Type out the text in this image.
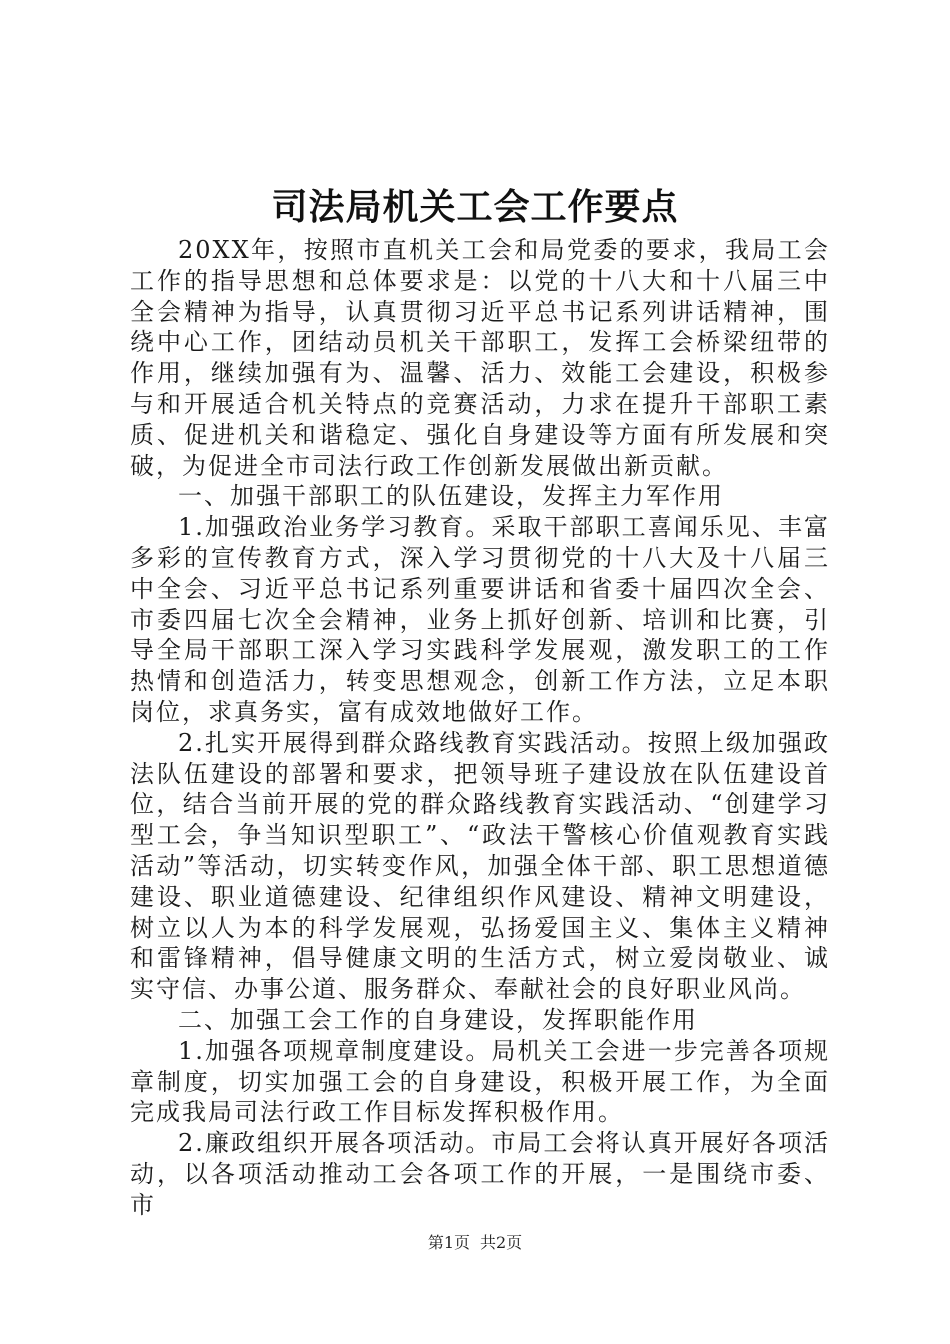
司法局机关工会工作要点

20XX年，按照市直机关工会和局党委的要求，我局工会工作的指导思想和总体要求是：以党的十八大和十八届三中全会精神为指导，认真贯彻习近平总书记系列讲话精神，围绕中心工作，团结动员机关干部职工，发挥工会桥梁纽带的作用，继续加强有为、温馨、活力、效能工会建设，积极参与和开展适合机关特点的竞赛活动，力求在提升干部职工素质、促进机关和谐稳定、强化自身建设等方面有所发展和突破，为促进全市司法行政工作创新发展做出新贡献。

一、加强干部职工的队伍建设，发挥主力军作用

1.加强政治业务学习教育。采取干部职工喜闻乐见、丰富多彩的宣传教育方式，深入学习贯彻党的十八大及十八届三中全会、习近平总书记系列重要讲话和省委十届四次全会、市委四届七次全会精神，业务上抓好创新、培训和比赛，引导全局干部职工深入学习实践科学发展观，激发职工的工作热情和创造活力，转变思想观念，创新工作方法，立足本职岗位，求真务实，富有成效地做好工作。

2.扎实开展得到群众路线教育实践活动。按照上级加强政法队伍建设的部署和要求，把领导班子建设放在队伍建设首位，结合当前开展的党的群众路线教育实践活动、“创建学习型工会，争当知识型职工”、“政法干警核心价值观教育实践活动”等活动，切实转变作风，加强全体干部、职工思想道德建设、职业道德建设、纪律组织作风建设、精神文明建设，树立以人为本的科学发展观，弘扬爱国主义、集体主义精神和雷锋精神，倡导健康文明的生活方式，树立爱岗敬业、诚实守信、办事公道、服务群众、奉献社会的良好职业风尚。

二、加强工会工作的自身建设，发挥职能作用

1.加强各项规章制度建设。局机关工会进一步完善各项规章制度，切实加强工会的自身建设，积极开展工作，为全面完成我局司法行政工作目标发挥积极作用。

2.廉政组织开展各项活动。市局工会将认真开展好各项活动，以各项活动推动工会各项工作的开展，一是围绕市委、市

第1页 共2页
